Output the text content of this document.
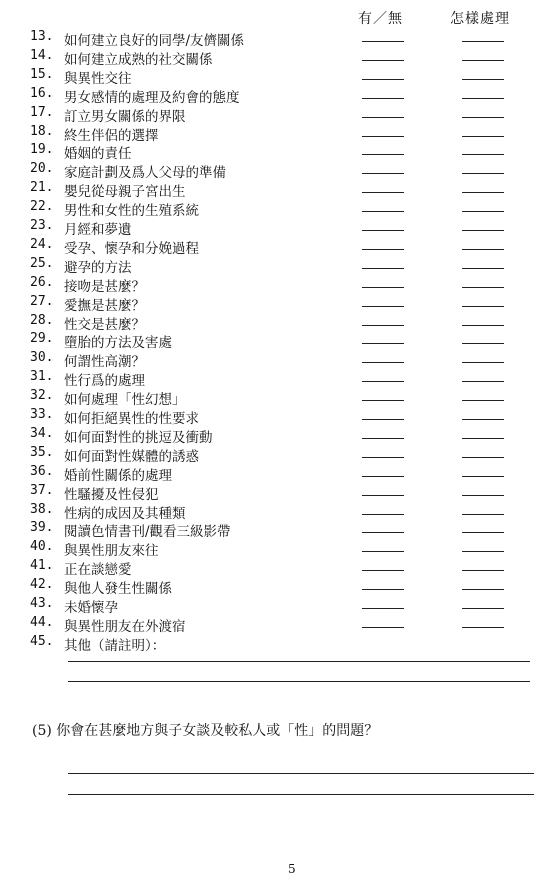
有／無	怎樣處理
13. 如何建立良好的同學/友儕關係
14. 如何建立成熟的社交關係
15. 與異性交往
16. 男女感情的處理及約會的態度
17. 訂立男女關係的界限
18. 終生伴侶的選擇
19. 婚姻的責任
20. 家庭計劃及爲人父母的準備
21. 嬰兒從母親子宮出生
22. 男性和女性的生殖系統
23. 月經和夢遺
24. 受孕、懷孕和分娩過程
25. 避孕的方法
26. 接吻是甚麼？
27. 愛撫是甚麼？
28. 性交是甚麼？
29. 墮胎的方法及害處
30. 何謂性高潮？
31. 性行爲的處理
32. 如何處理「性幻想」
33. 如何拒絕異性的性要求
34. 如何面對性的挑逗及衝動
35. 如何面對性媒體的誘惑
36. 婚前性關係的處理
37. 性騷擾及性侵犯
38. 性病的成因及其種類
39. 閱讀色情書刊/觀看三級影帶
40. 與異性朋友來往
41. 正在談戀愛
42. 與他人發生性關係
43. 未婚懷孕
44. 與異性朋友在外渡宿
45. 其他（請註明）：
(5) 你會在甚麼地方與子女談及較私人或「性」的問題？
5
